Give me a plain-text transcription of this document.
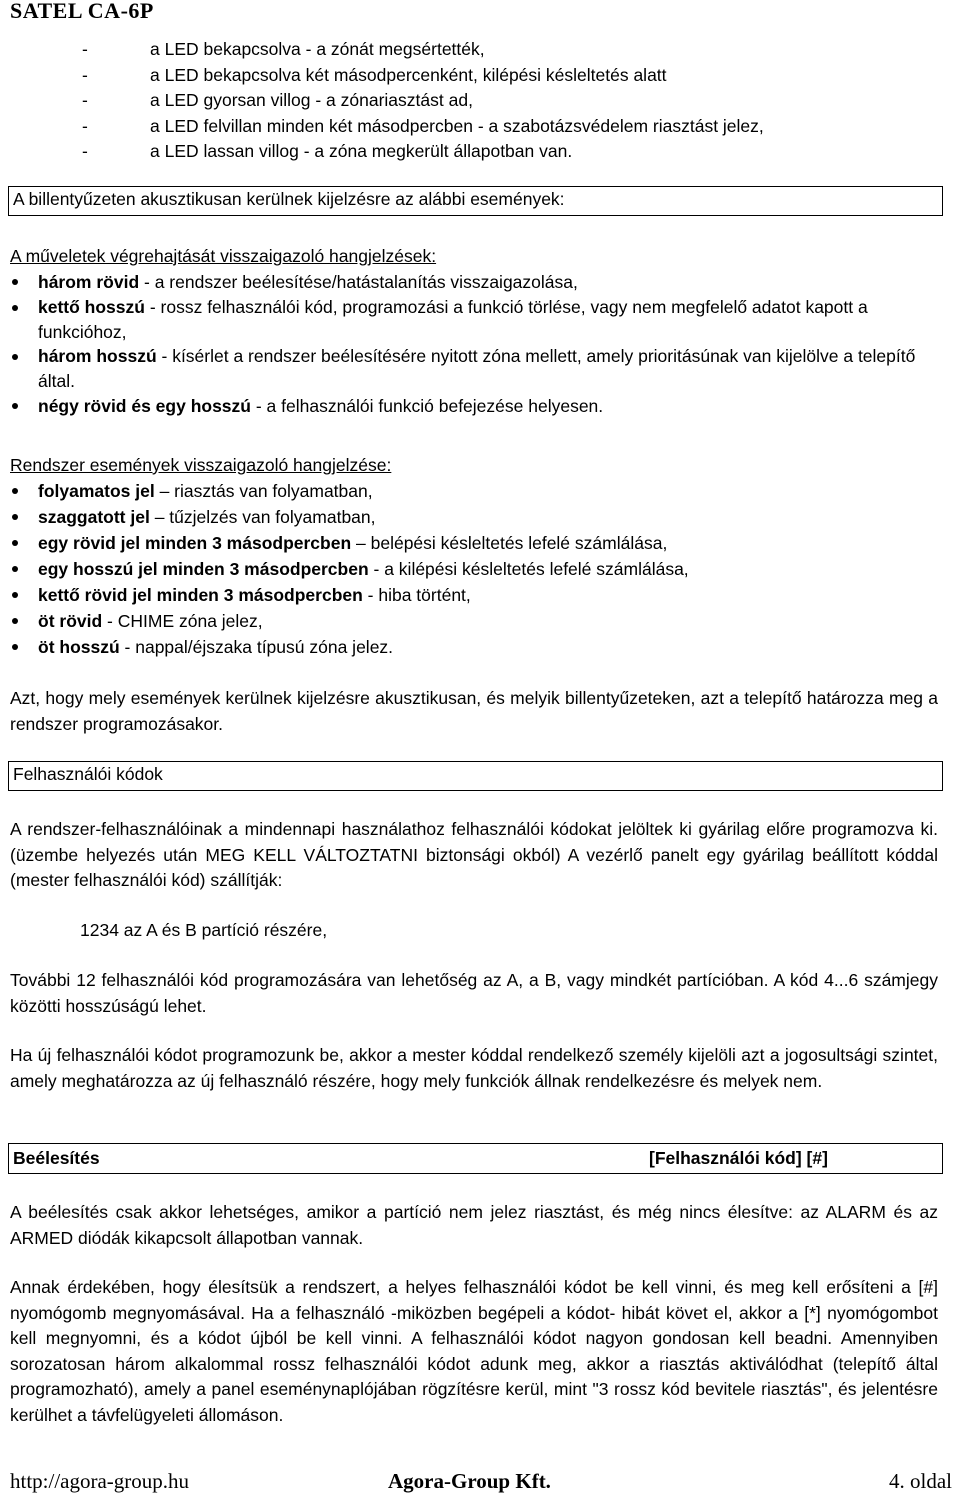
SATEL CA-6P
-	a LED bekapcsolva - a zónát megsértették,
-	a LED bekapcsolva két másodpercenként, kilépési késleltetés alatt
-	a LED gyorsan villog - a zónariasztást ad,
-	a LED felvillan minden két másodpercben - a szabotázsvédelem riasztást jelez,
-	a LED lassan villog - a zóna megkerült állapotban van.
A billentyűzeten akusztikusan kerülnek kijelzésre az alábbi események:
A műveletek végrehajtását visszaigazoló hangjelzések:
három rövid - a rendszer beélesítése/hatástalanítás visszaigazolása,
kettő hosszú - rossz felhasználói kód, programozási a funkció törlése, vagy nem megfelelő adatot kapott a funkcióhoz,
három hosszú - kísérlet a rendszer beélesítésére nyitott zóna mellett, amely prioritásúnak van kijelölve a telepítő által.
négy rövid és egy hosszú - a felhasználói funkció befejezése helyesen.
Rendszer események visszaigazoló hangjelzése:
folyamatos jel – riasztás van folyamatban,
szaggatott jel – tűzjelzés van folyamatban,
egy rövid jel minden 3 másodpercben – belépési késleltetés lefelé számlálása,
egy hosszú jel minden 3 másodpercben - a kilépési késleltetés lefelé számlálása,
kettő rövid jel minden 3 másodpercben - hiba történt,
öt rövid - CHIME zóna jelez,
öt hosszú - nappal/éjszaka típusú zóna jelez.
Azt, hogy mely események kerülnek kijelzésre akusztikusan, és melyik billentyűzeteken, azt a telepítő határozza meg a rendszer programozásakor.
Felhasználói kódok
A rendszer-felhasználóinak a mindennapi használathoz felhasználói kódokat jelöltek ki gyárilag előre programozva ki. (üzembe helyezés után MEG KELL VÁLTOZTATNI biztonsági okból) A vezérlő panelt egy gyárilag beállított kóddal (mester felhasználói kód) szállítják:
1234 az A és B partíció részére,
További 12 felhasználói kód programozására van lehetőség az A, a B, vagy mindkét partícióban. A kód 4...6 számjegy közötti hosszúságú lehet.
Ha új felhasználói kódot programozunk be, akkor a mester kóddal rendelkező személy kijelöli azt a jogosultsági szintet, amely meghatározza az új felhasználó részére, hogy mely funkciók állnak rendelkezésre és melyek nem.
Beélesítés	[Felhasználói kód] [#]
A beélesítés csak akkor lehetséges, amikor a partíció nem jelez riasztást, és még nincs élesítve: az ALARM és az ARMED diódák kikapcsolt állapotban vannak.
Annak érdekében, hogy élesítsük a rendszert, a helyes felhasználói kódot be kell vinni, és meg kell erősíteni a [#] nyomógomb megnyomásával. Ha a felhasználó -miközben begépeli a kódot- hibát követ el, akkor a [*] nyomógombot kell megnyomni, és a kódot újból be kell vinni. A felhasználói kódot nagyon gondosan kell beadni. Amennyiben sorozatosan három alkalommal rossz felhasználói kódot adunk meg, akkor a riasztás aktiválódhat (telepítő által programozható), amely a panel eseménynaplójában rögzítésre kerül, mint "3 rossz kód bevitele riasztás", és jelentésre kerülhet a távfelügyeleti állomáson.
http://agora-group.hu	Agora-Group Kft.	4. oldal
